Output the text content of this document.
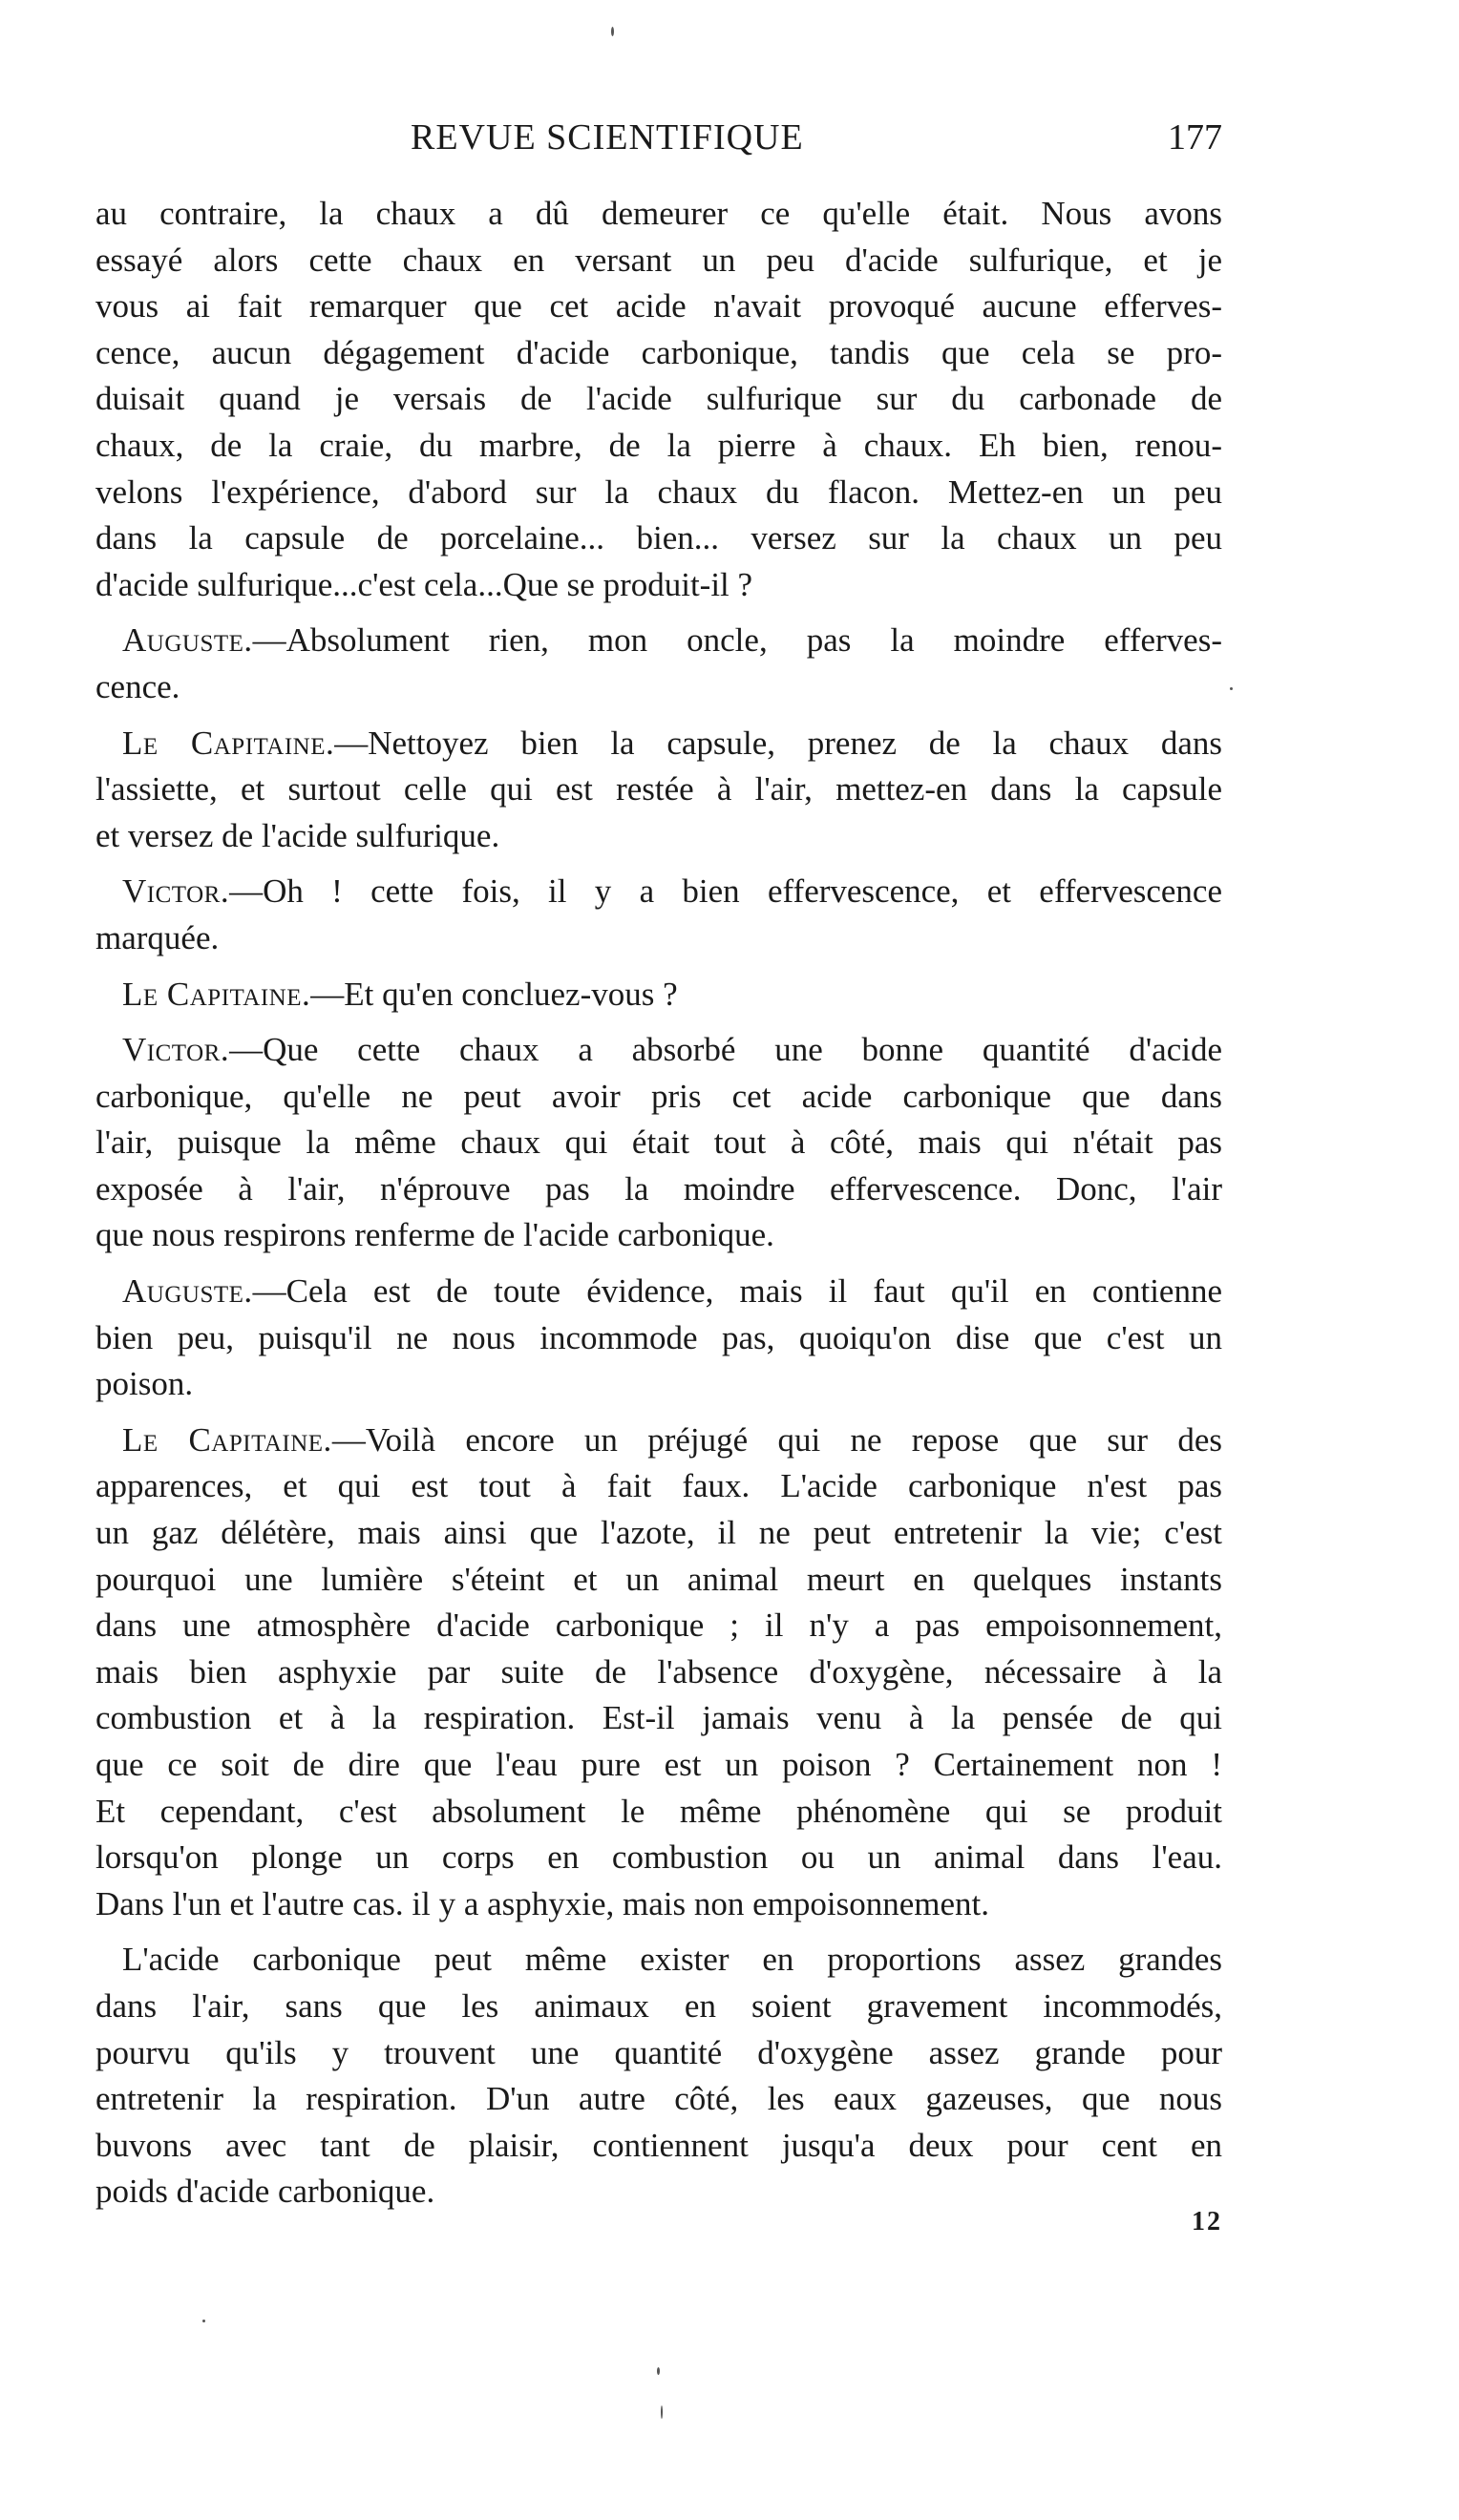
REVUE SCIENTIFIQUE	177
au contraire, la chaux a dû demeurer ce qu'elle était. Nous avons
essayé alors cette chaux en versant un peu d'acide sulfurique, et je
vous ai fait remarquer que cet acide n'avait provoqué aucune efferves-
cence, aucun dégagement d'acide carbonique, tandis que cela se pro-
duisait quand je versais de l'acide sulfurique sur du carbonade de
chaux, de la craie, du marbre, de la pierre à chaux. Eh bien, renou-
velons l'expérience, d'abord sur la chaux du flacon. Mettez-en un peu
dans la capsule de porcelaine... bien... versez sur la chaux un peu
d'acide sulfurique...c'est cela...Que se produit-il ?
Auguste.—Absolument rien, mon oncle, pas la moindre efferves-
cence.
Le Capitaine.—Nettoyez bien la capsule, prenez de la chaux dans
l'assiette, et surtout celle qui est restée à l'air, mettez-en dans la capsule
et versez de l'acide sulfurique.
Victor.—Oh ! cette fois, il y a bien effervescence, et effervescence
marquée.
Le Capitaine.—Et qu'en concluez-vous ?
Victor.—Que cette chaux a absorbé une bonne quantité d'acide
carbonique, qu'elle ne peut avoir pris cet acide carbonique que dans
l'air, puisque la même chaux qui était tout à côté, mais qui n'était pas
exposée à l'air, n'éprouve pas la moindre effervescence. Donc, l'air
que nous respirons renferme de l'acide carbonique.
Auguste.—Cela est de toute évidence, mais il faut qu'il en contienne
bien peu, puisqu'il ne nous incommode pas, quoiqu'on dise que c'est un
poison.
Le Capitaine.—Voilà encore un préjugé qui ne repose que sur des
apparences, et qui est tout à fait faux. L'acide carbonique n'est pas
un gaz délétère, mais ainsi que l'azote, il ne peut entretenir la vie; c'est
pourquoi une lumière s'éteint et un animal meurt en quelques instants
dans une atmosphère d'acide carbonique ; il n'y a pas empoisonnement,
mais bien asphyxie par suite de l'absence d'oxygène, nécessaire à la
combustion et à la respiration. Est-il jamais venu à la pensée de qui
que ce soit de dire que l'eau pure est un poison ? Certainement non !
Et cependant, c'est absolument le même phénomène qui se produit
lorsqu'on plonge un corps en combustion ou un animal dans l'eau.
Dans l'un et l'autre cas. il y a asphyxie, mais non empoisonnement.
L'acide carbonique peut même exister en proportions assez grandes
dans l'air, sans que les animaux en soient gravement incommodés,
pourvu qu'ils y trouvent une quantité d'oxygène assez grande pour
entretenir la respiration. D'un autre côté, les eaux gazeuses, que nous
buvons avec tant de plaisir, contiennent jusqu'a deux pour cent en
poids d'acide carbonique.
12
